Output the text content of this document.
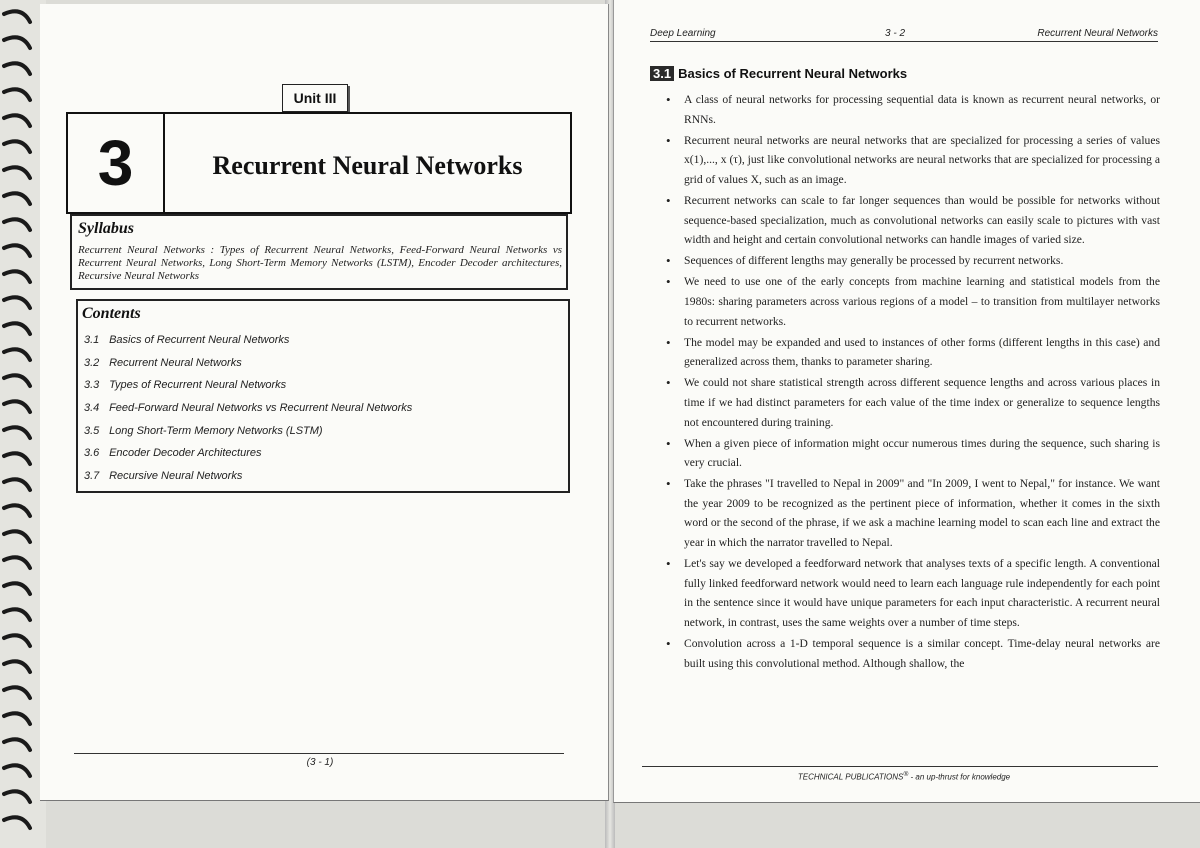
Unit III
3	Recurrent Neural Networks
Syllabus
Recurrent Neural Networks : Types of Recurrent Neural Networks, Feed-Forward Neural Networks vs Recurrent Neural Networks, Long Short-Term Memory Networks (LSTM), Encoder Decoder architectures, Recursive Neural Networks
Contents
3.1 Basics of Recurrent Neural Networks
3.2 Recurrent Neural Networks
3.3 Types of Recurrent Neural Networks
3.4 Feed-Forward Neural Networks vs Recurrent Neural Networks
3.5 Long Short-Term Memory Networks (LSTM)
3.6 Encoder Decoder Architectures
3.7 Recursive Neural Networks
(3 - 1)
Deep Learning	3 - 2	Recurrent Neural Networks
3.1 Basics of Recurrent Neural Networks
• A class of neural networks for processing sequential data is known as recurrent neural networks, or RNNs.
• Recurrent neural networks are neural networks that are specialized for processing a series of values x(1),..., x (τ), just like convolutional networks are neural networks that are specialized for processing a grid of values X, such as an image.
• Recurrent networks can scale to far longer sequences than would be possible for networks without sequence-based specialization, much as convolutional networks can easily scale to pictures with vast width and height and certain convolutional networks can handle images of varied size.
• Sequences of different lengths may generally be processed by recurrent networks.
• We need to use one of the early concepts from machine learning and statistical models from the 1980s: sharing parameters across various regions of a model – to transition from multilayer networks to recurrent networks.
• The model may be expanded and used to instances of other forms (different lengths in this case) and generalized across them, thanks to parameter sharing.
• We could not share statistical strength across different sequence lengths and across various places in time if we had distinct parameters for each value of the time index or generalize to sequence lengths not encountered during training.
• When a given piece of information might occur numerous times during the sequence, such sharing is very crucial.
• Take the phrases "I travelled to Nepal in 2009" and "In 2009, I went to Nepal," for instance. We want the year 2009 to be recognized as the pertinent piece of information, whether it comes in the sixth word or the second of the phrase, if we ask a machine learning model to scan each line and extract the year in which the narrator travelled to Nepal.
• Let's say we developed a feedforward network that analyses texts of a specific length. A conventional fully linked feedforward network would need to learn each language rule independently for each point in the sentence since it would have unique parameters for each input characteristic. A recurrent neural network, in contrast, uses the same weights over a number of time steps.
• Convolution across a 1-D temporal sequence is a similar concept. Time-delay neural networks are built using this convolutional method. Although shallow, the
TECHNICAL PUBLICATIONS® - an up-thrust for knowledge
